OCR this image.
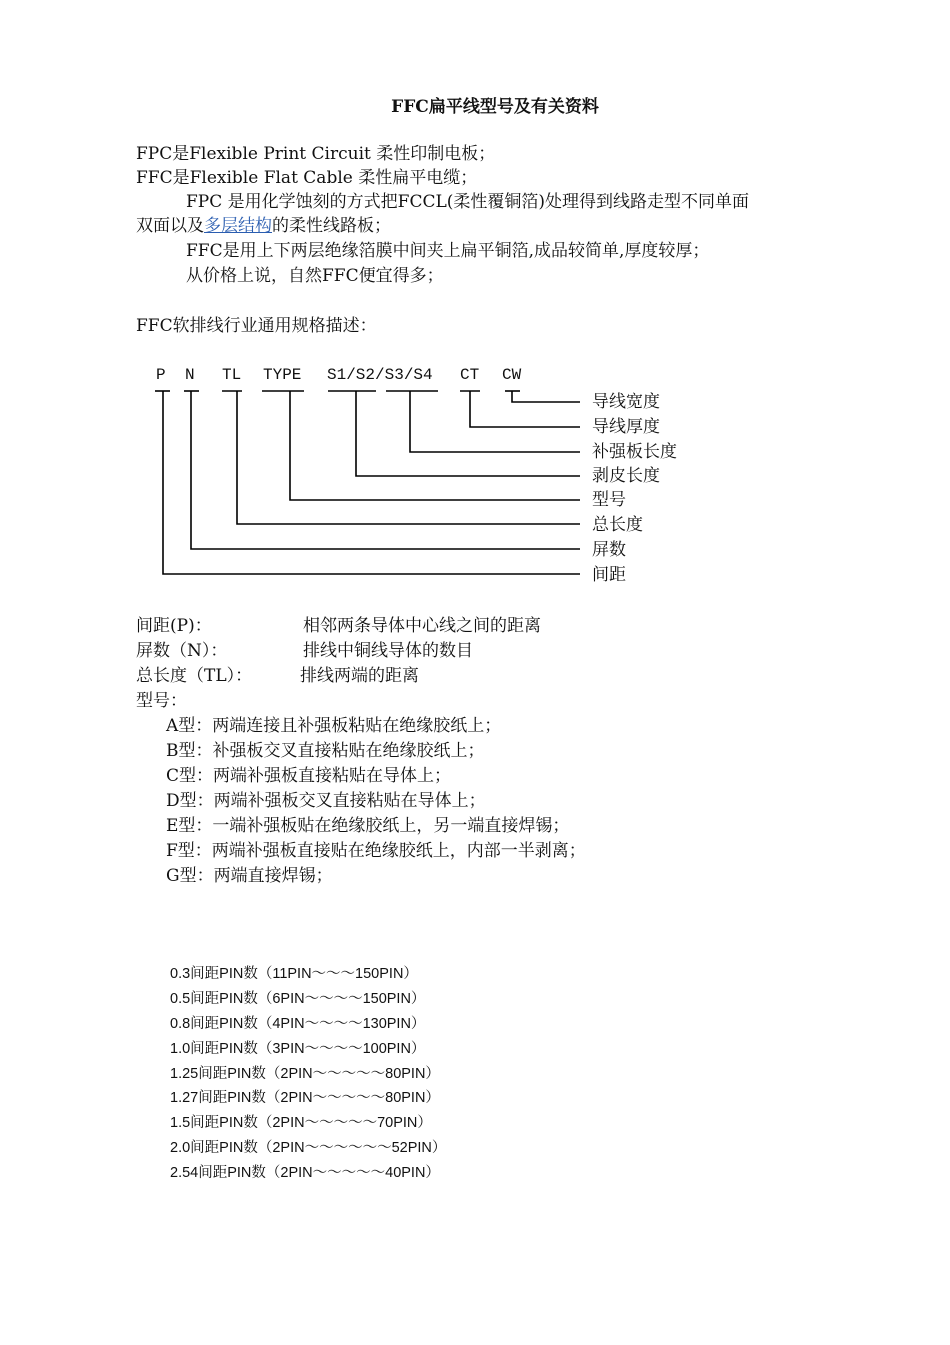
FFC扁平线型号及有关资料
FPC是Flexible Print Circuit 柔性印制电板；
FFC是Flexible Flat Cable 柔性扁平电缆；
FPC 是用化学蚀刻的方式把FCCL(柔性覆铜箔)处理得到线路走型不同单面
双面以及多层结构的柔性线路板；
FFC是用上下两层绝缘箔膜中间夹上扁平铜箔,成品较简单,厚度较厚；
从价格上说，自然FFC便宜得多；
FFC软排线行业通用规格描述：
P N TL TYPE S1/S2/S3/S4 CT CW
导线宽度
导线厚度
补强板长度
剥皮长度
型号
总长度
屏数
间距
间距(P)：	相邻两条导体中心线之间的距离
屏数（N）：	排线中铜线导体的数目
总长度（TL）：	排线两端的距离
型号：
A型：两端连接且补强板粘贴在绝缘胶纸上；
B型：补强板交叉直接粘贴在绝缘胶纸上；
C型：两端补强板直接粘贴在导体上；
D型：两端补强板交叉直接粘贴在导体上；
E型：一端补强板贴在绝缘胶纸上，另一端直接焊锡；
F型：两端补强板直接贴在绝缘胶纸上，内部一半剥离；
G型：两端直接焊锡；
0.3间距PIN数（11PIN～～～150PIN）
0.5间距PIN数（6PIN～～～～150PIN）
0.8间距PIN数（4PIN～～～～130PIN）
1.0间距PIN数（3PIN～～～～100PIN）
1.25间距PIN数（2PIN～～～～～80PIN）
1.27间距PIN数（2PIN～～～～～80PIN）
1.5间距PIN数（2PIN～～～～～70PIN）
2.0间距PIN数（2PIN～～～～～～52PIN）
2.54间距PIN数（2PIN～～～～～40PIN）
